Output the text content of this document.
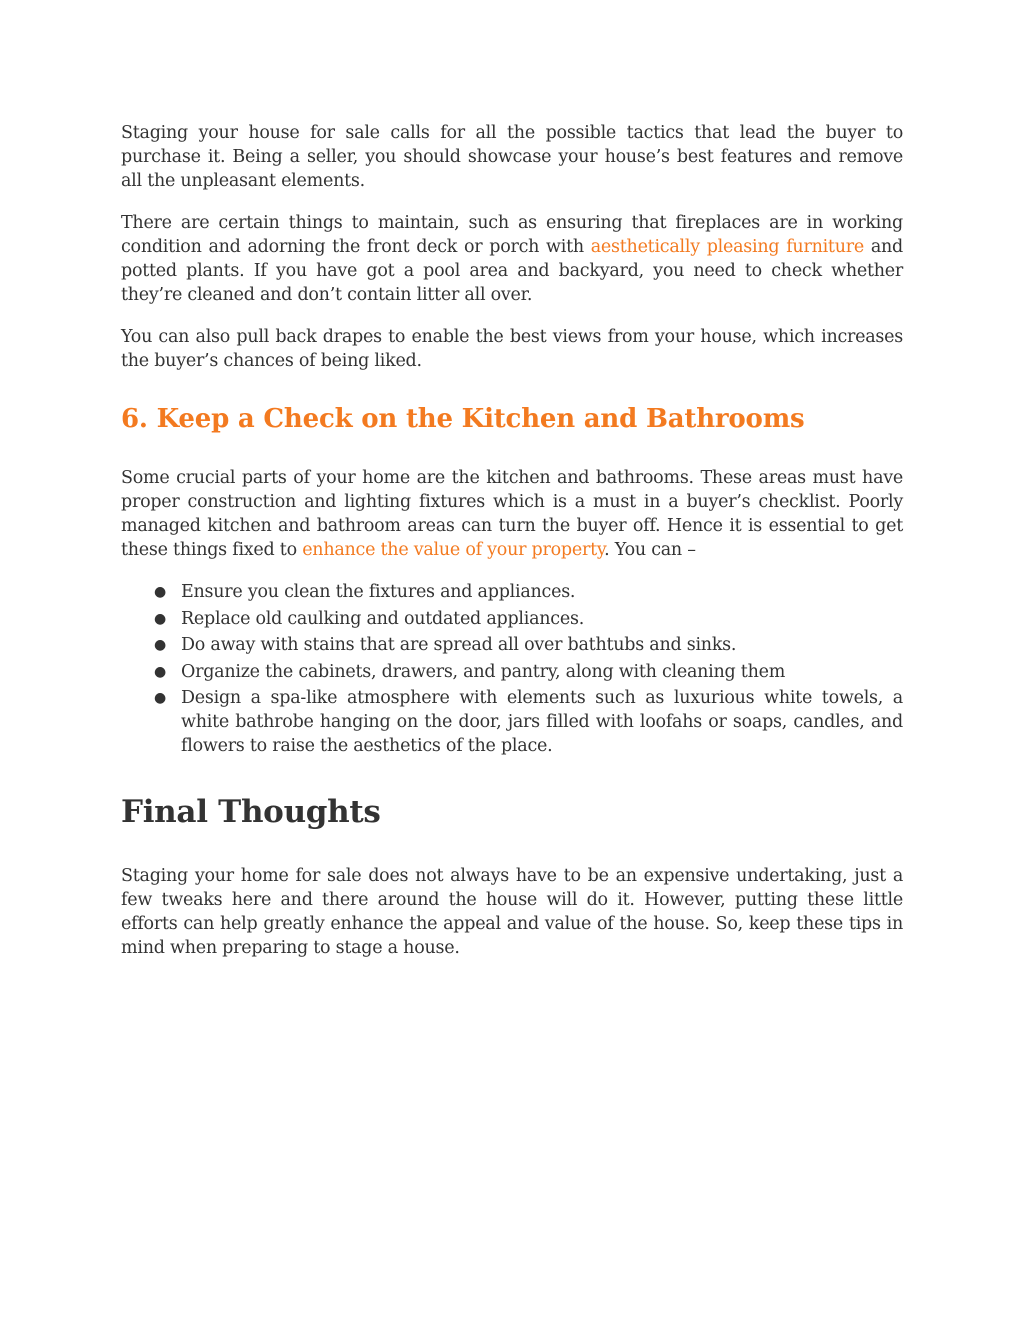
Staging your house for sale calls for all the possible tactics that lead the buyer to purchase it. Being a seller, you should showcase your house’s best features and remove all the unpleasant elements.

There are certain things to maintain, such as ensuring that fireplaces are in working condition and adorning the front deck or porch with aesthetically pleasing furniture and potted plants. If you have got a pool area and backyard, you need to check whether they’re cleaned and don’t contain litter all over.

You can also pull back drapes to enable the best views from your house, which increases the buyer’s chances of being liked.

6. Keep a Check on the Kitchen and Bathrooms

Some crucial parts of your home are the kitchen and bathrooms. These areas must have proper construction and lighting fixtures which is a must in a buyer’s checklist. Poorly managed kitchen and bathroom areas can turn the buyer off. Hence it is essential to get these things fixed to enhance the value of your property. You can –

● Ensure you clean the fixtures and appliances.
● Replace old caulking and outdated appliances.
● Do away with stains that are spread all over bathtubs and sinks.
● Organize the cabinets, drawers, and pantry, along with cleaning them
● Design a spa-like atmosphere with elements such as luxurious white towels, a white bathrobe hanging on the door, jars filled with loofahs or soaps, candles, and flowers to raise the aesthetics of the place.
Final Thoughts

Staging your home for sale does not always have to be an expensive undertaking, just a few tweaks here and there around the house will do it. However, putting these little efforts can help greatly enhance the appeal and value of the house. So, keep these tips in mind when preparing to stage a house.
